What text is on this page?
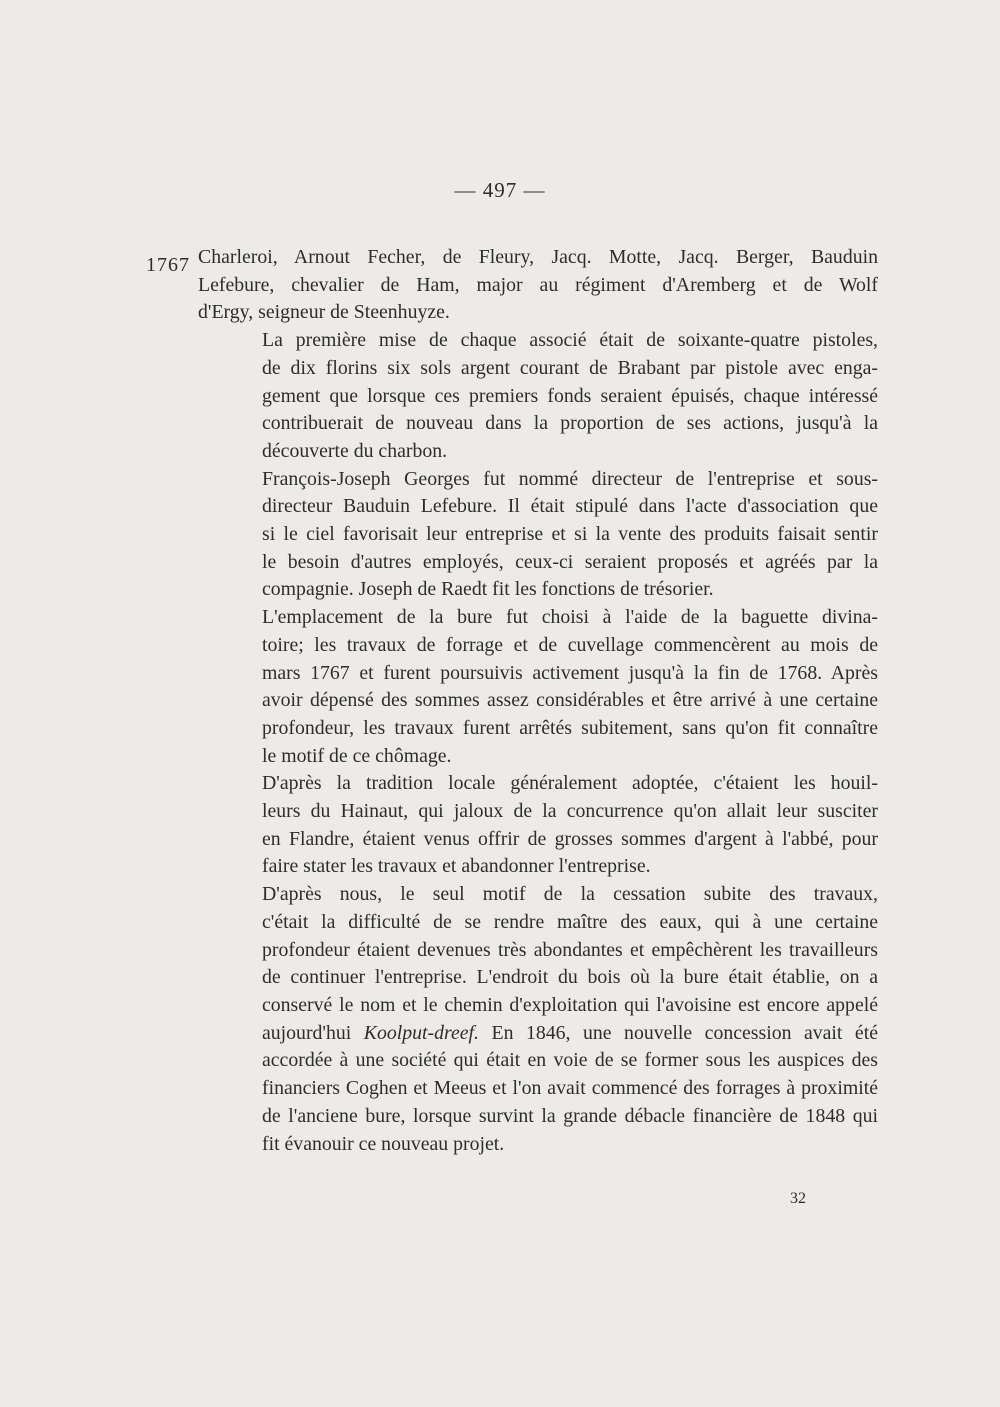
— 497 —
1767 Charleroi, Arnout Fecher, de Fleury, Jacq. Motte, Jacq. Berger, Bauduin
Lefebure, chevalier de Ham, major au régiment d'Aremberg et de Wolf
d'Ergy, seigneur de Steenhuyze.

La première mise de chaque associé était de soixante-quatre pistoles,
de dix florins six sols argent courant de Brabant par pistole avec enga-
gement que lorsque ces premiers fonds seraient épuisés, chaque intéressé
contribuerait de nouveau dans la proportion de ses actions, jusqu'à la
découverte du charbon.

François-Joseph Georges fut nommé directeur de l'entreprise et sous-
directeur Bauduin Lefebure. Il était stipulé dans l'acte d'association que
si le ciel favorisait leur entreprise et si la vente des produits faisait sentir
le besoin d'autres employés, ceux-ci seraient proposés et agréés par la
compagnie. Joseph de Raedt fit les fonctions de trésorier.

L'emplacement de la bure fut choisi à l'aide de la baguette divina-
toire; les travaux de forrage et de cuvellage commencèrent au mois de
mars 1767 et furent poursuivis activement jusqu'à la fin de 1768. Après
avoir dépensé des sommes assez considérables et être arrivé à une certaine
profondeur, les travaux furent arrêtés subitement, sans qu'on fit connaître
le motif de ce chômage.

D'après la tradition locale généralement adoptée, c'étaient les houil-
leurs du Hainaut, qui jaloux de la concurrence qu'on allait leur susciter
en Flandre, étaient venus offrir de grosses sommes d'argent à l'abbé, pour
faire stater les travaux et abandonner l'entreprise.

D'après nous, le seul motif de la cessation subite des travaux,
c'était la difficulté de se rendre maître des eaux, qui à une certaine
profondeur étaient devenues très abondantes et empêchèrent les travailleurs
de continuer l'entreprise. L'endroit du bois où la bure était établie, on a
conservé le nom et le chemin d'exploitation qui l'avoisine est encore appelé
aujourd'hui Koolput-dreef. En 1846, une nouvelle concession avait été
accordée à une société qui était en voie de se former sous les auspices des
financiers Coghen et Meeus et l'on avait commencé des forrages à proximité
de l'anciene bure, lorsque survint la grande débacle financière de 1848 qui
fit évanouir ce nouveau projet.

32
